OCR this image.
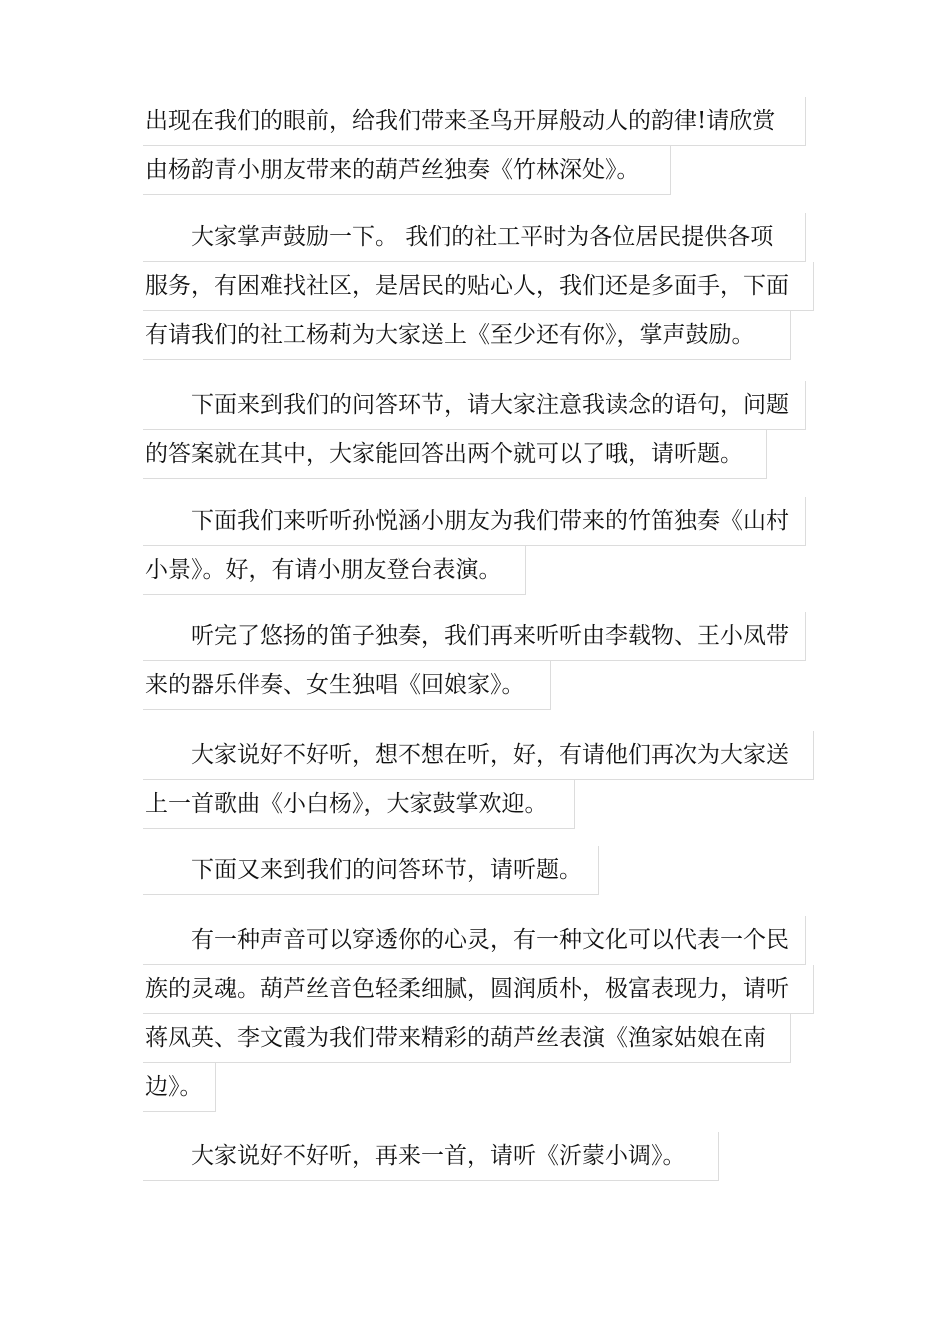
出现在我们的眼前，给我们带来圣鸟开屏般动人的韵律!请欣赏
由杨韵青小朋友带来的葫芦丝独奏《竹林深处》。
大家掌声鼓励一下。 我们的社工平时为各位居民提供各项
服务，有困难找社区，是居民的贴心人，我们还是多面手，下面
有请我们的社工杨莉为大家送上《至少还有你》，掌声鼓励。
下面来到我们的问答环节，请大家注意我读念的语句，问题
的答案就在其中，大家能回答出两个就可以了哦，请听题。
下面我们来听听孙悦涵小朋友为我们带来的竹笛独奏《山村
小景》。好，有请小朋友登台表演。
听完了悠扬的笛子独奏，我们再来听听由李载物、王小凤带
来的器乐伴奏、女生独唱《回娘家》。
大家说好不好听，想不想在听，好，有请他们再次为大家送
上一首歌曲《小白杨》，大家鼓掌欢迎。
下面又来到我们的问答环节，请听题。
有一种声音可以穿透你的心灵，有一种文化可以代表一个民
族的灵魂。葫芦丝音色轻柔细腻，圆润质朴，极富表现力，请听
蒋凤英、李文霞为我们带来精彩的葫芦丝表演《渔家姑娘在南
边》。
大家说好不好听，再来一首，请听《沂蒙小调》。
